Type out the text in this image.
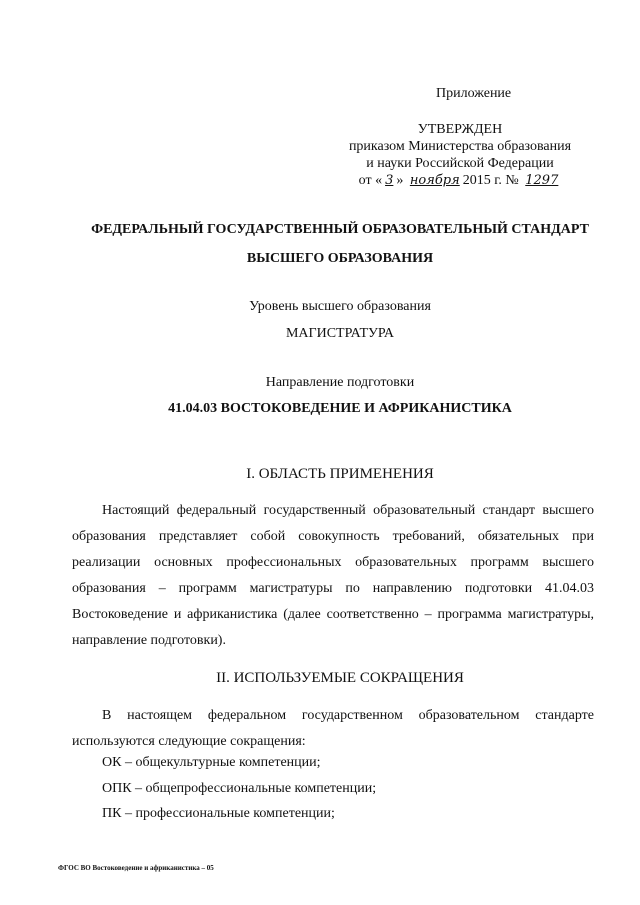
Приложение
УТВЕРЖДЕН
приказом Министерства образования
и науки Российской Федерации
от « 3 » ноября 2015 г. № 1297
ФЕДЕРАЛЬНЫЙ ГОСУДАРСТВЕННЫЙ ОБРАЗОВАТЕЛЬНЫЙ СТАНДАРТ
ВЫСШЕГО ОБРАЗОВАНИЯ
Уровень высшего образования
МАГИСТРАТУРА
Направление подготовки
41.04.03 ВОСТОКОВЕДЕНИЕ И АФРИКАНИСТИКА
I. ОБЛАСТЬ ПРИМЕНЕНИЯ
Настоящий федеральный государственный образовательный стандарт высшего образования представляет собой совокупность требований, обязательных при реализации основных профессиональных образовательных программ высшего образования – программ магистратуры по направлению подготовки 41.04.03 Востоковедение и африканистика (далее соответственно – программа магистратуры, направление подготовки).
II. ИСПОЛЬЗУЕМЫЕ СОКРАЩЕНИЯ
В настоящем федеральном государственном образовательном стандарте используются следующие сокращения:
ОК – общекультурные компетенции;
ОПК – общепрофессиональные компетенции;
ПК – профессиональные компетенции;
ФГОС ВО Востоковедение и африканистика – 05
